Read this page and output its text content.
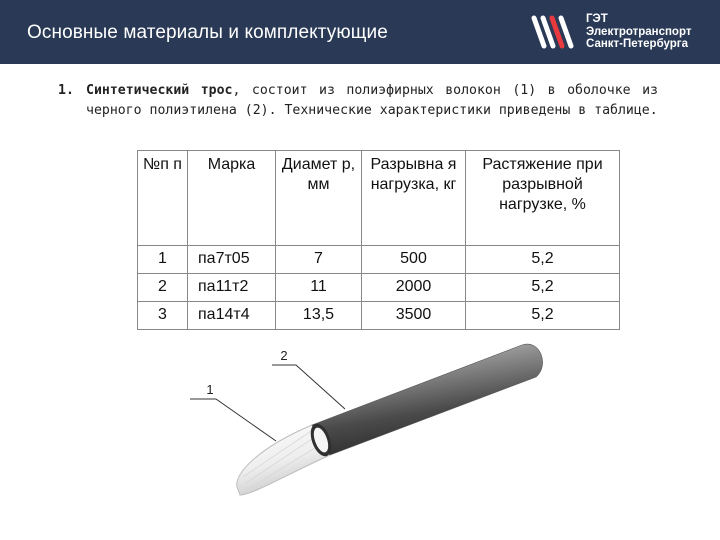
Основные материалы и комплектующие
ГЭТ
Электротранспорт
Санкт-Петербурга
1. Синтетический трос, состоит из полиэфирных волокон (1) в оболочке из черного полиэтилена (2). Технические характеристики приведены в таблице.
№п п	Марка	Диамет р, мм	Разрывна я нагрузка, кг	Растяжение при разрывной нагрузке, %
1	па7т05	7	500	5,2
2	па11т2	11	2000	5,2
3	па14т4	13,5	3500	5,2
2
1
